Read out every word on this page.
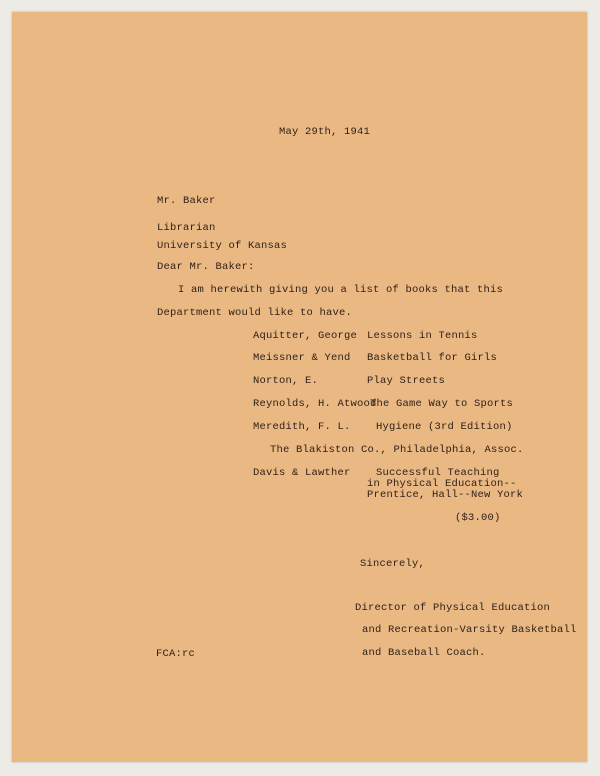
May 29th, 1941
Mr. Baker
Librarian
University of Kansas
Dear Mr. Baker:
I am herewith giving you a list of books that this
Department would like to have.
Aquitter, George Lessons in Tennis
Meissner & Yend Basketball for Girls
Norton, E.	Play Streets
Reynolds, H. Atwood
The Game Way to Sports
Meredith, F. L. Hygiene (3rd Edition)
The Blakiston Co., Philadelphia, Assoc.
Davis & Lawther Successful Teaching
in Physical Education--
Prentice, Hall--New York
($3.00)
Sincerely,
Director of Physical Education
and Recreation-Varsity Basketball
and Baseball Coach.
FCA:rc
